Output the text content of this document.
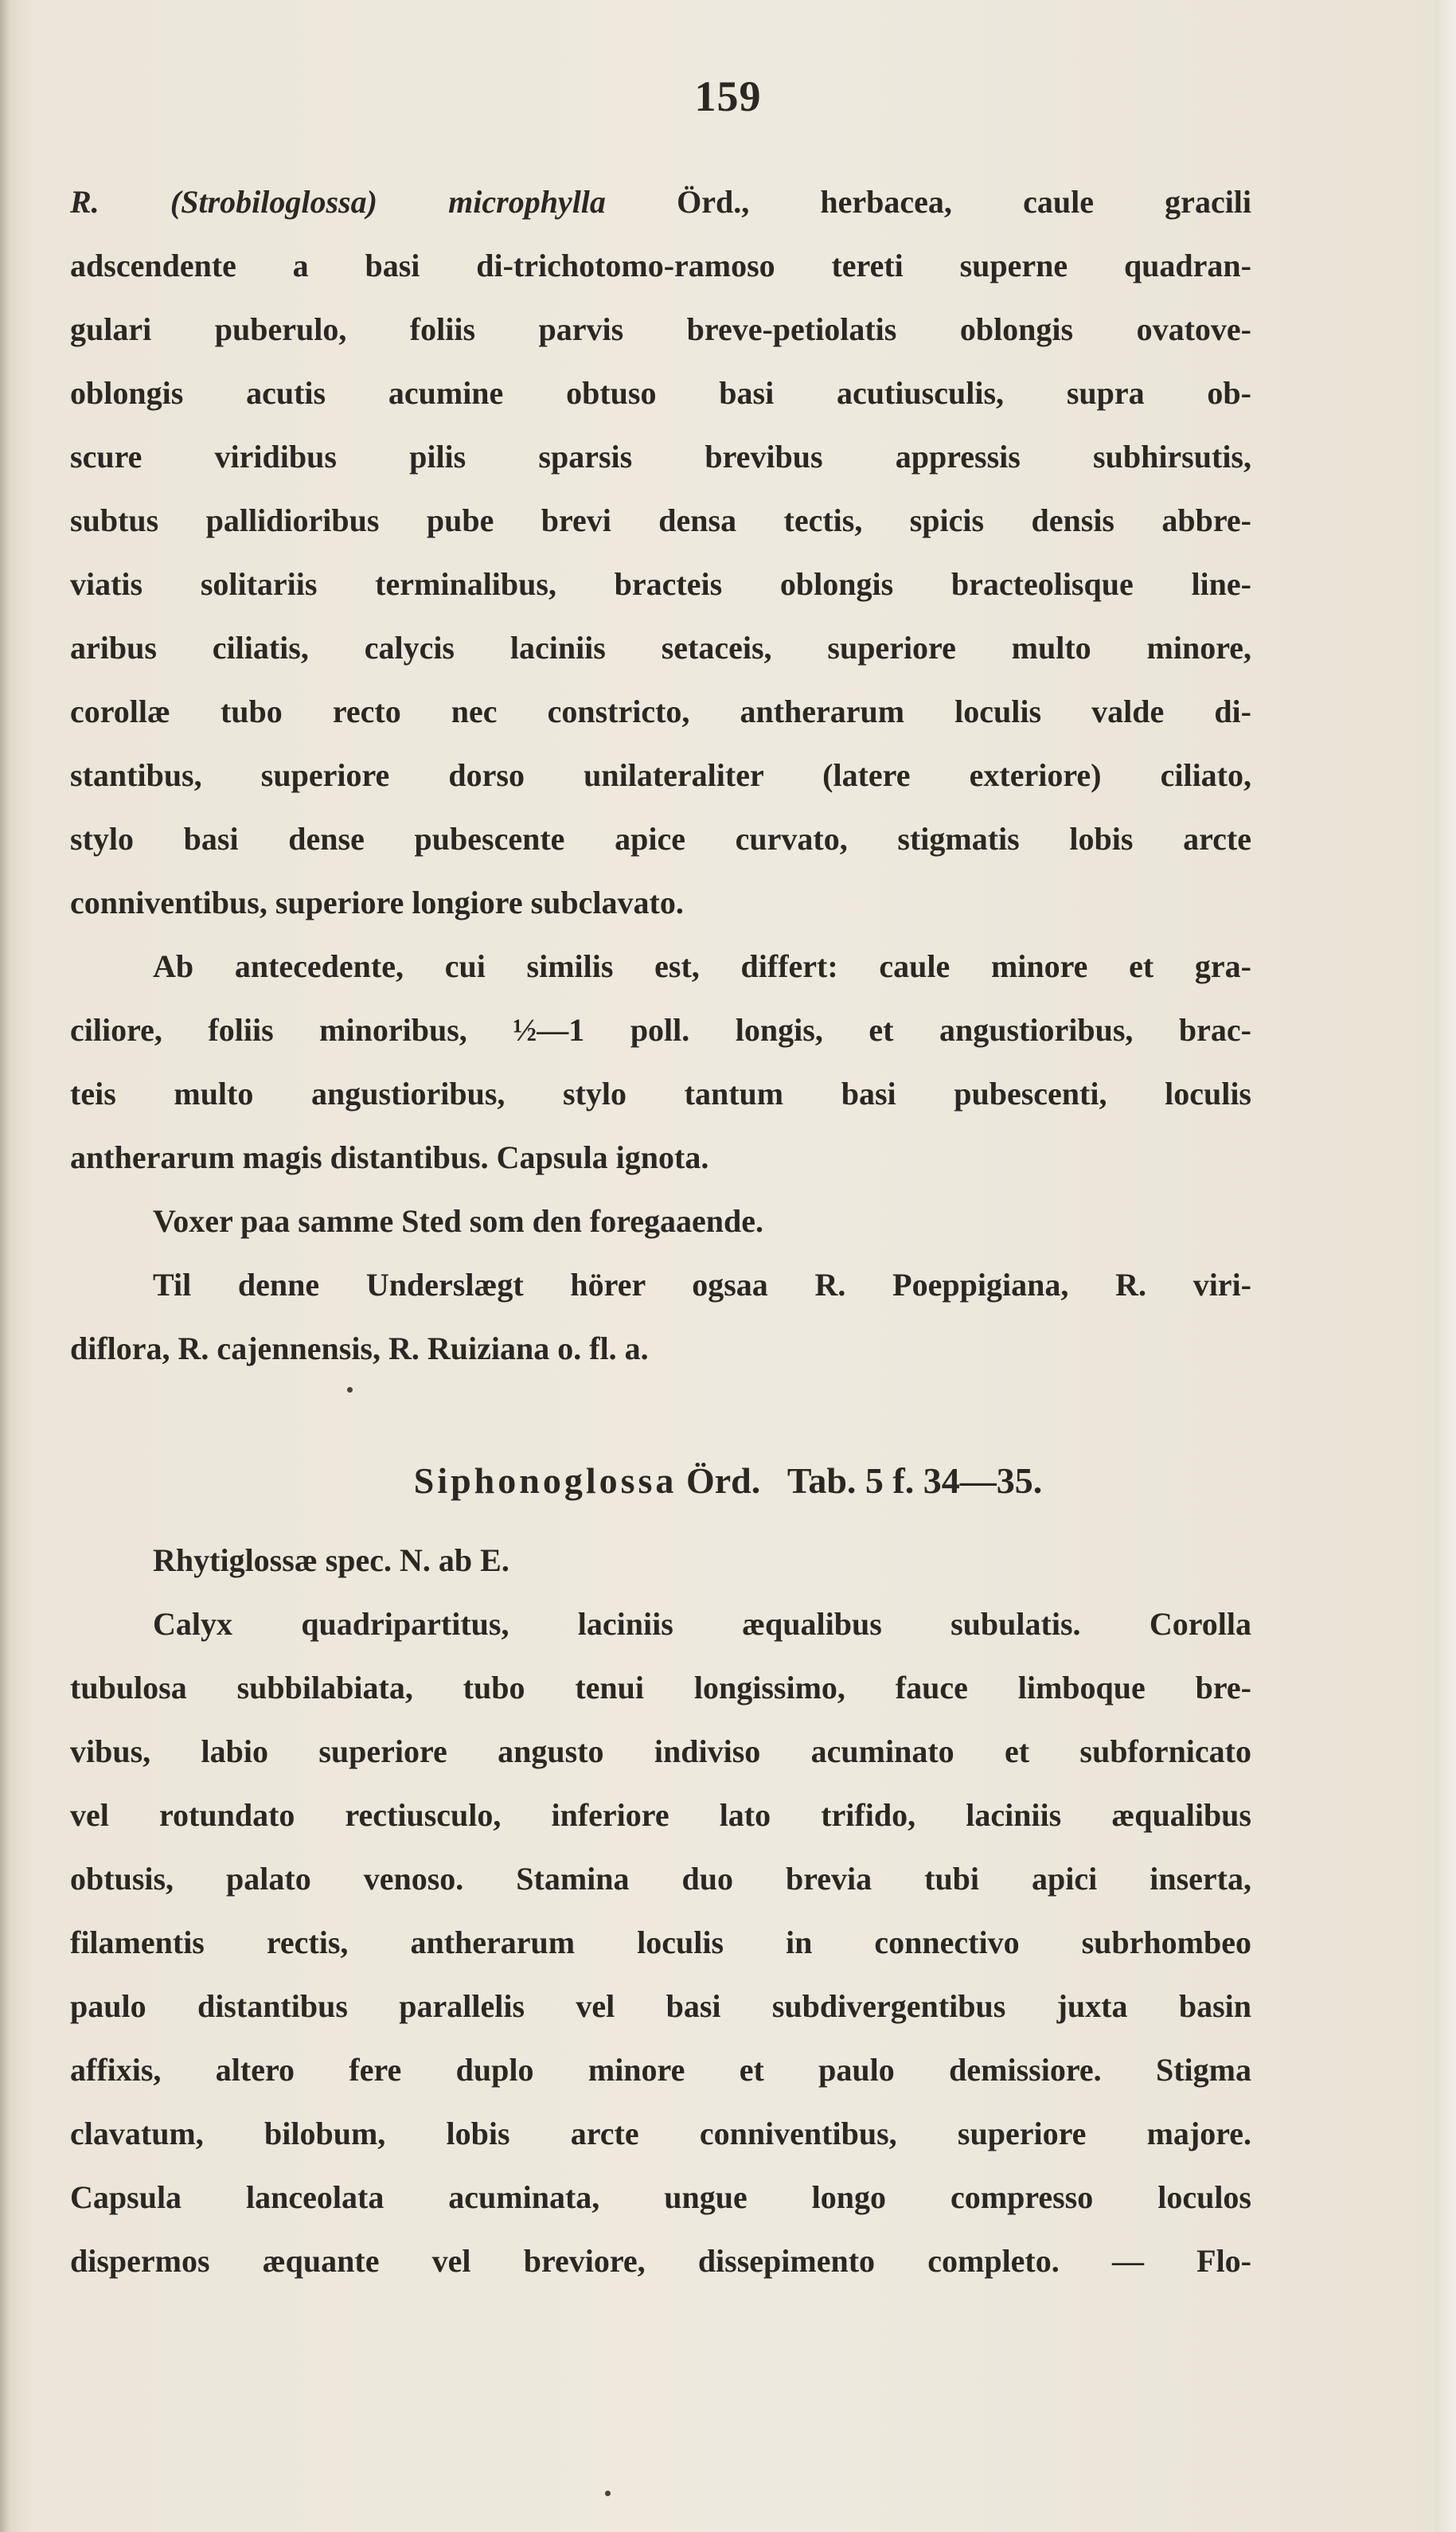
159
R. (Strobiloglossa) microphylla Örd., herbacea, caule gracili
adscendente a basi di-trichotomo-ramoso tereti superne quadran-
gulari puberulo, foliis parvis breve-petiolatis oblongis ovatove-
oblongis acutis acumine obtuso basi acutiusculis, supra ob-
scure viridibus pilis sparsis brevibus appressis subhirsutis,
subtus pallidioribus pube brevi densa tectis, spicis densis abbre-
viatis solitariis terminalibus, bracteis oblongis bracteolisque line-
aribus ciliatis, calycis laciniis setaceis, superiore multo minore,
corollæ tubo recto nec constricto, antherarum loculis valde di-
stantibus, superiore dorso unilateraliter (latere exteriore) ciliato,
stylo basi dense pubescente apice curvato, stigmatis lobis arcte
conniventibus, superiore longiore subclavato.
Ab antecedente, cui similis est, differt: caule minore et gra-
ciliore, foliis minoribus, ½—1 poll. longis, et angustioribus, brac-
teis multo angustioribus, stylo tantum basi pubescenti, loculis
antherarum magis distantibus. Capsula ignota.
Voxer paa samme Sted som den foregaaende.
Til denne Underslægt hörer ogsaa R. Poeppigiana, R. viri-
diflora, R. cajennensis, R. Ruiziana o. fl. a.
Siphonoglossa Örd. Tab. 5 f. 34—35.
Rhytiglossæ spec. N. ab E.
Calyx quadripartitus, laciniis æqualibus subulatis. Corolla
tubulosa subbilabiata, tubo tenui longissimo, fauce limboque bre-
vibus, labio superiore angusto indiviso acuminato et subfornicato
vel rotundato rectiusculo, inferiore lato trifido, laciniis æqualibus
obtusis, palato venoso. Stamina duo brevia tubi apici inserta,
filamentis rectis, antherarum loculis in connectivo subrhombeo
paulo distantibus parallelis vel basi subdivergentibus juxta basin
affixis, altero fere duplo minore et paulo demissiore. Stigma
clavatum, bilobum, lobis arcte conniventibus, superiore majore.
Capsula lanceolata acuminata, ungue longo compresso loculos
dispermos æquante vel breviore, dissepimento completo. — Flo-
